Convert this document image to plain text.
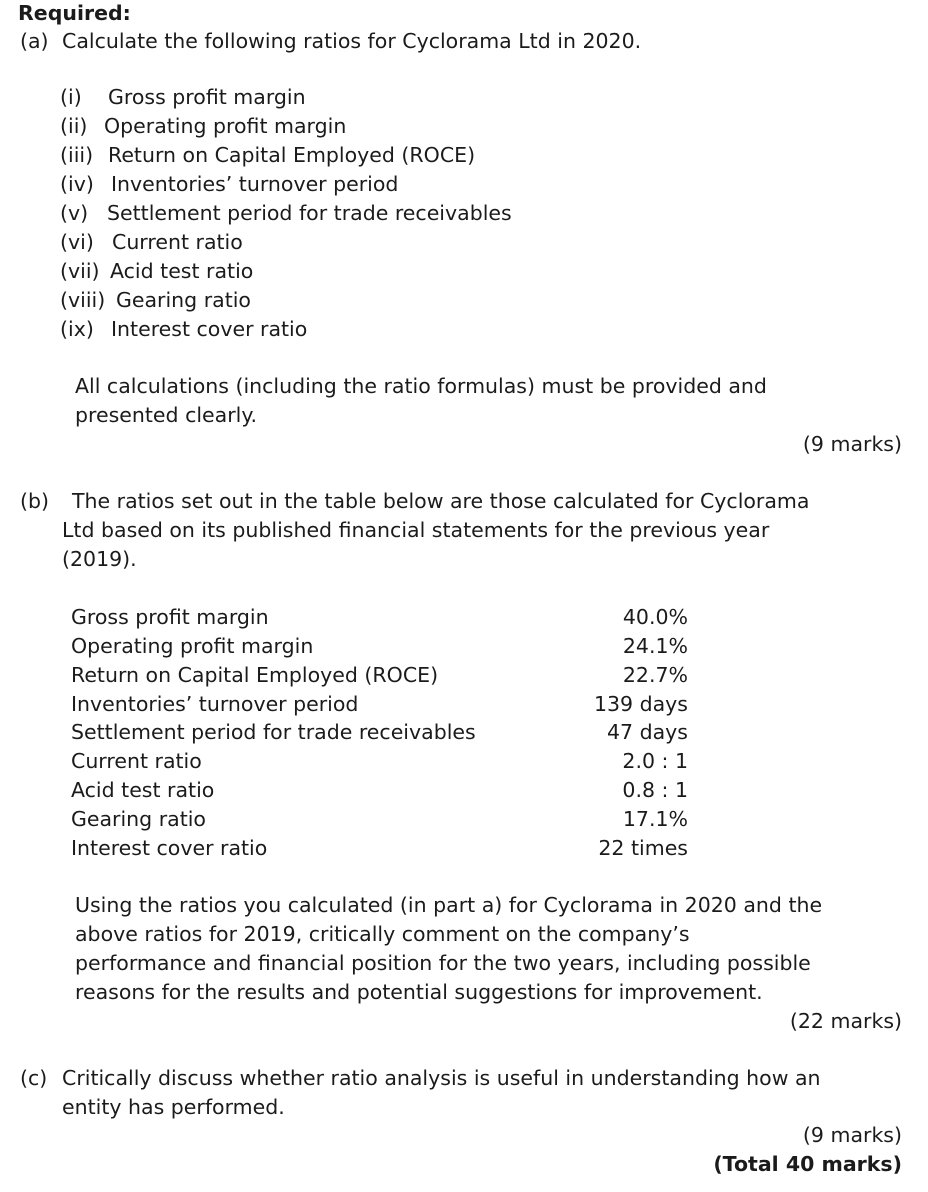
Required:
(a) Calculate the following ratios for Cyclorama Ltd in 2020.
(i) Gross profit margin
(ii) Operating profit margin
(iii) Return on Capital Employed (ROCE)
(iv) Inventories’ turnover period
(v) Settlement period for trade receivables
(vi) Current ratio
(vii) Acid test ratio
(viii) Gearing ratio
(ix) Interest cover ratio
All calculations (including the ratio formulas) must be provided and
presented clearly.
(9 marks)
(b) The ratios set out in the table below are those calculated for Cyclorama
Ltd based on its published financial statements for the previous year
(2019).
Gross profit margin	40.0%
Operating profit margin	24.1%
Return on Capital Employed (ROCE)	22.7%
Inventories’ turnover period	139 days
Settlement period for trade receivables	47 days
Current ratio	2.0 : 1
Acid test ratio	0.8 : 1
Gearing ratio	17.1%
Interest cover ratio	22 times
Using the ratios you calculated (in part a) for Cyclorama in 2020 and the
above ratios for 2019, critically comment on the company’s
performance and financial position for the two years, including possible
reasons for the results and potential suggestions for improvement.
(22 marks)
(c) Critically discuss whether ratio analysis is useful in understanding how an
entity has performed.
(9 marks)
(Total 40 marks)
